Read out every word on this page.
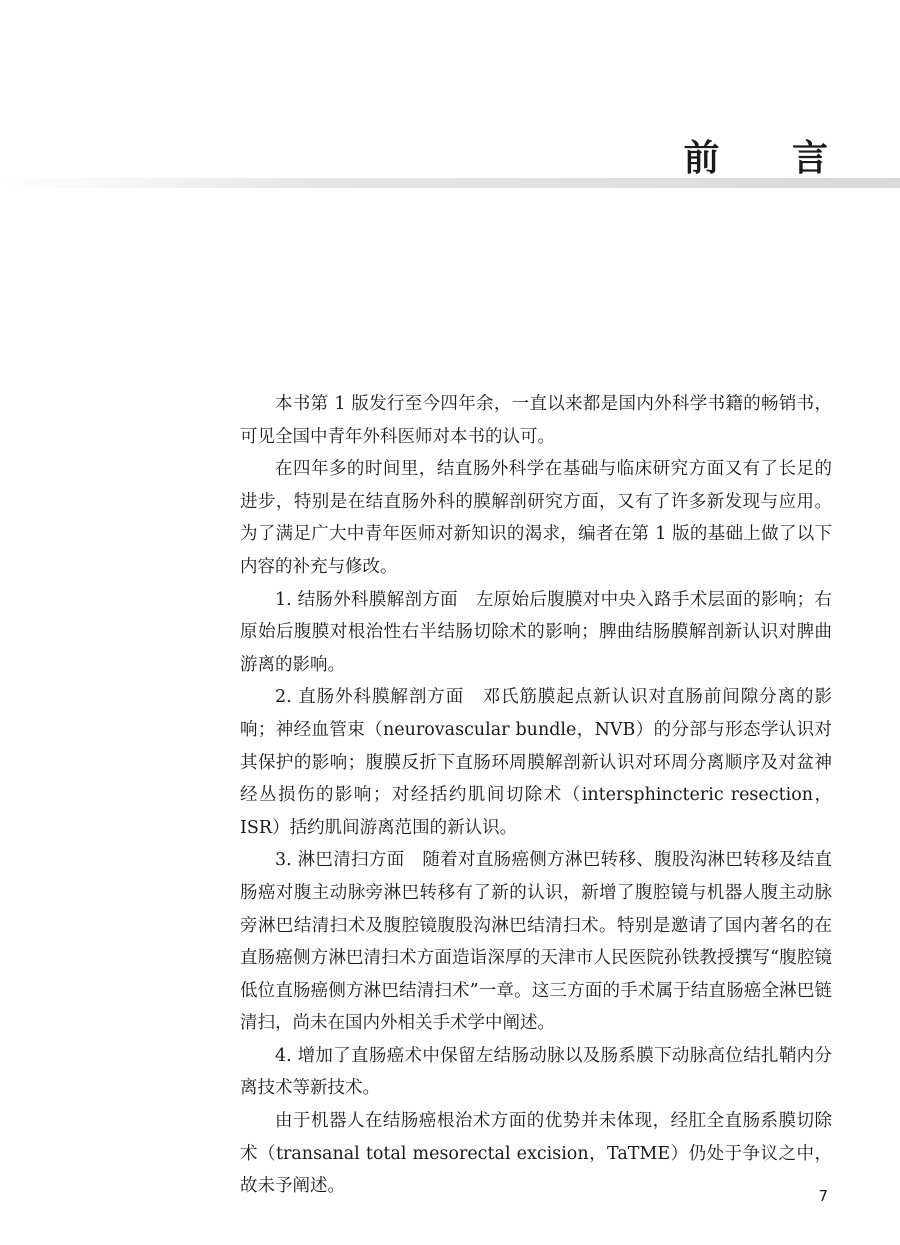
前 言

本书第 1 版发行至今四年余，一直以来都是国内外科学书籍的畅销书，可见全国中青年外科医师对本书的认可。

在四年多的时间里，结直肠外科学在基础与临床研究方面又有了长足的进步，特别是在结直肠外科的膜解剖研究方面，又有了许多新发现与应用。为了满足广大中青年医师对新知识的渴求，编者在第 1 版的基础上做了以下内容的补充与修改。

1. 结肠外科膜解剖方面  左原始后腹膜对中央入路手术层面的影响；右原始后腹膜对根治性右半结肠切除术的影响；脾曲结肠膜解剖新认识对脾曲游离的影响。

2. 直肠外科膜解剖方面  邓氏筋膜起点新认识对直肠前间隙分离的影响；神经血管束（neurovascular bundle，NVB）的分部与形态学认识对其保护的影响；腹膜反折下直肠环周膜解剖新认识对环周分离顺序及对盆神经丛损伤的影响；对经括约肌间切除术（intersphincteric resection，ISR）括约肌间游离范围的新认识。

3. 淋巴清扫方面  随着对直肠癌侧方淋巴转移、腹股沟淋巴转移及结直肠癌对腹主动脉旁淋巴转移有了新的认识，新增了腹腔镜与机器人腹主动脉旁淋巴结清扫术及腹腔镜腹股沟淋巴结清扫术。特别是邀请了国内著名的在直肠癌侧方淋巴清扫术方面造诣深厚的天津市人民医院孙铁教授撰写“腹腔镜低位直肠癌侧方淋巴结清扫术”一章。这三方面的手术属于结直肠癌全淋巴链清扫，尚未在国内外相关手术学中阐述。

4. 增加了直肠癌术中保留左结肠动脉以及肠系膜下动脉高位结扎鞘内分离技术等新技术。

由于机器人在结肠癌根治术方面的优势并未体现，经肛全直肠系膜切除术（transanal total mesorectal excision，TaTME）仍处于争议之中，故未予阐述。	7
